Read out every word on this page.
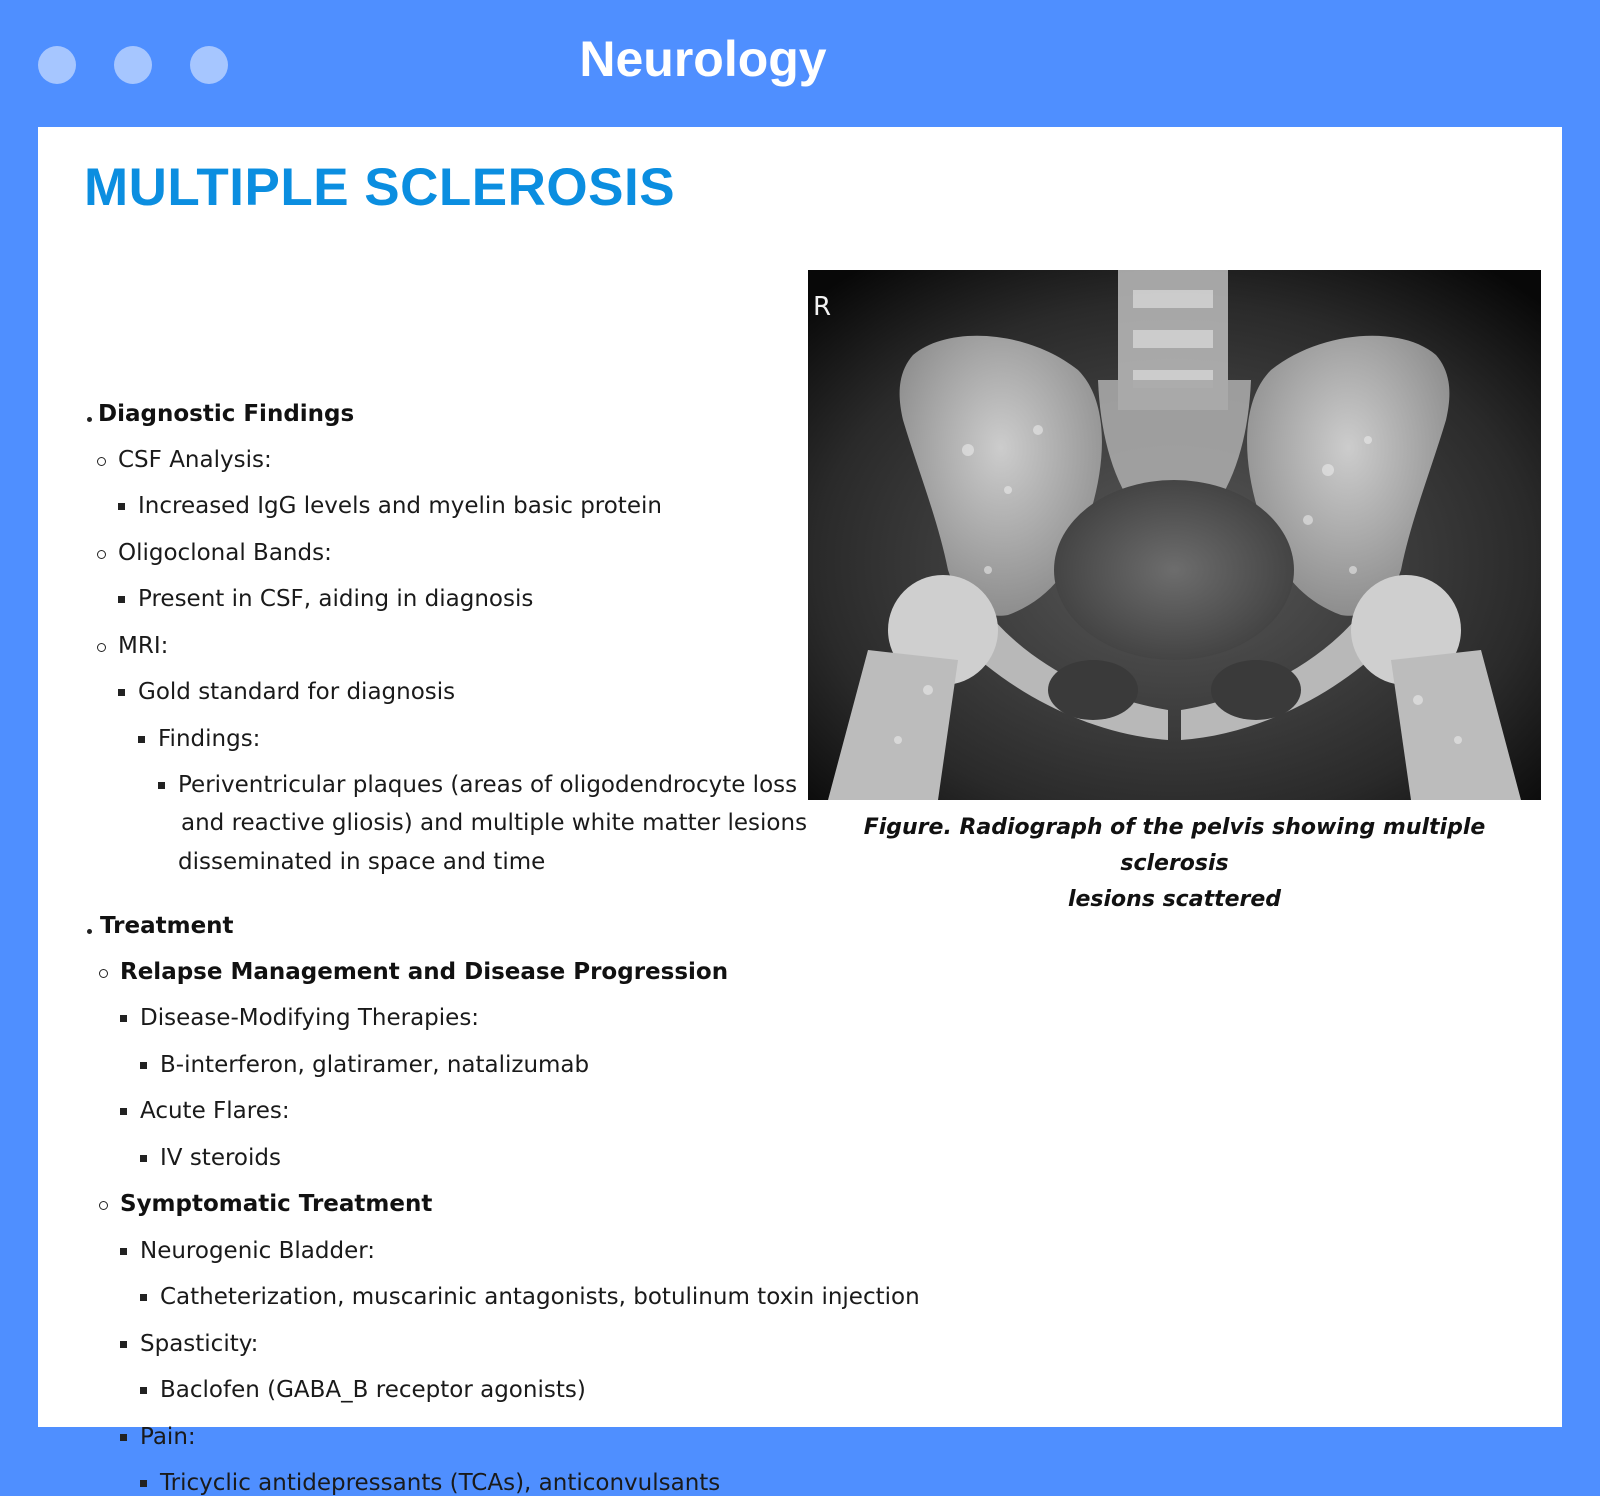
Neurology
MULTIPLE SCLEROSIS
Diagnostic Findings
CSF Analysis:
Increased IgG levels and myelin basic protein
Oligoclonal Bands:
Present in CSF, aiding in diagnosis
MRI:
Gold standard for diagnosis
Findings:
Periventricular plaques (areas of oligodendrocyte loss
and reactive gliosis) and multiple white matter lesions
disseminated in space and time
Treatment
Relapse Management and Disease Progression
Disease-Modifying Therapies:
B-interferon, glatiramer, natalizumab
Acute Flares:
IV steroids
Symptomatic Treatment
Neurogenic Bladder:
Catheterization, muscarinic antagonists, botulinum toxin injection
Spasticity:
Baclofen (GABA_B receptor agonists)
Pain:
Tricyclic antidepressants (TCAs), anticonvulsants
R
Figure. Radiograph of the pelvis showing multiple sclerosis
lesions scattered
